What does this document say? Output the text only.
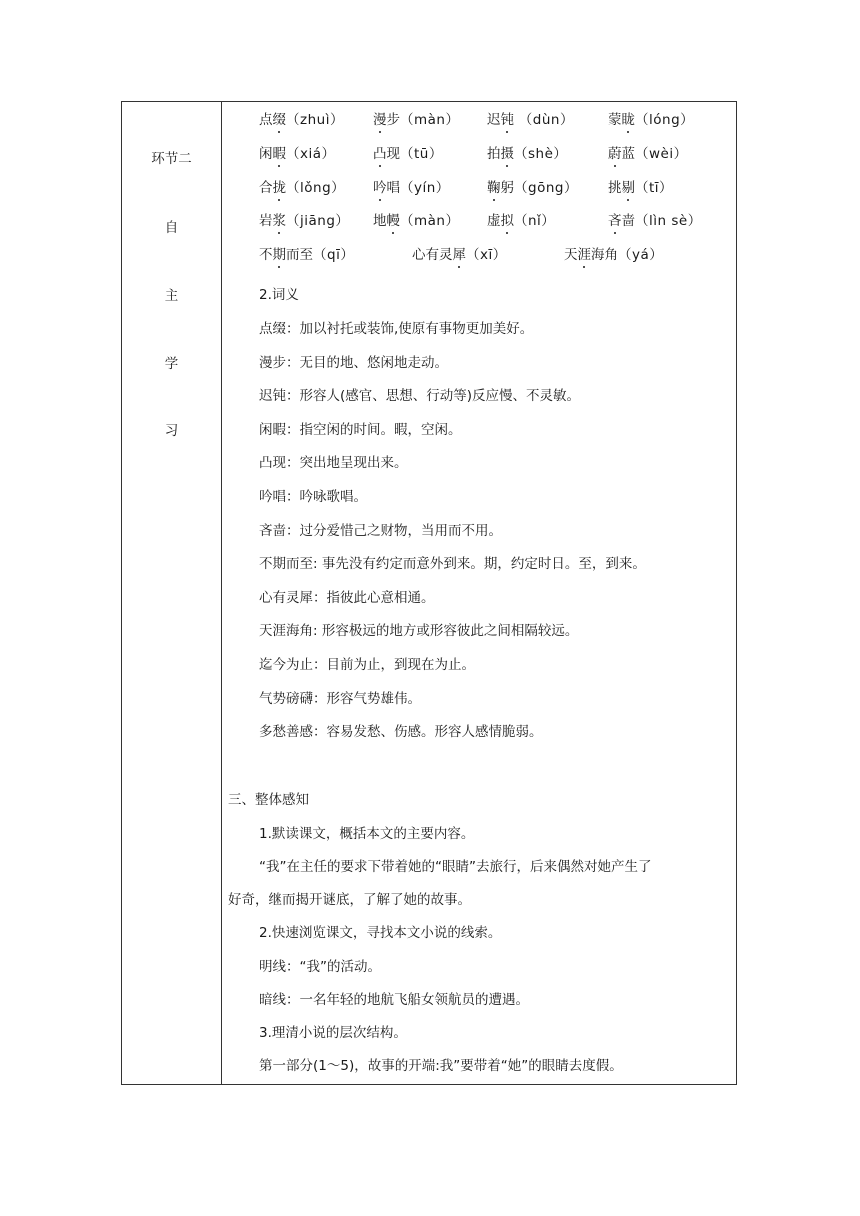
环节二
自
主
学
习
点缀（zhuì） 漫步（màn） 迟钝 （dùn）	蒙眬（lóng）
闲暇（xiá）	凸现（tū）	拍摄（shè）	蔚蓝（wèi）
合拢（lǒng） 吟唱（yín）	鞠躬（gōng） 挑剔（tī）
岩浆（jiāng） 地幔（màn） 虚拟（nǐ）	吝啬（lìn sè）
不期而至（qī）	心有灵犀（xī）	天涯海角（yá）
2.词义
点缀：加以衬托或装饰,使原有事物更加美好。
漫步：无目的地、悠闲地走动。
迟钝：形容人(感官、思想、行动等)反应慢、不灵敏。
闲暇：指空闲的时间。暇，空闲。
凸现：突出地呈现出来。
吟唱：吟咏歌唱。
吝啬：过分爱惜己之财物，当用而不用。
不期而至: 事先没有约定而意外到来。期，约定时日。至，到来。
心有灵犀：指彼此心意相通。
天涯海角: 形容极远的地方或形容彼此之间相隔较远。
迄今为止：目前为止，到现在为止。
气势磅礴：形容气势雄伟。
多愁善感：容易发愁、伤感。形容人感情脆弱。
三、整体感知
1.默读课文，概括本文的主要内容。
“我”在主任的要求下带着她的“眼睛”去旅行，后来偶然对她产生了
好奇，继而揭开谜底，了解了她的故事。
2.快速浏览课文，寻找本文小说的线索。
明线：“我”的活动。
暗线：一名年轻的地航飞船女领航员的遭遇。
3.理清小说的层次结构。
第一部分(1～5)，故事的开端:我”要带着“她”的眼睛去度假。
